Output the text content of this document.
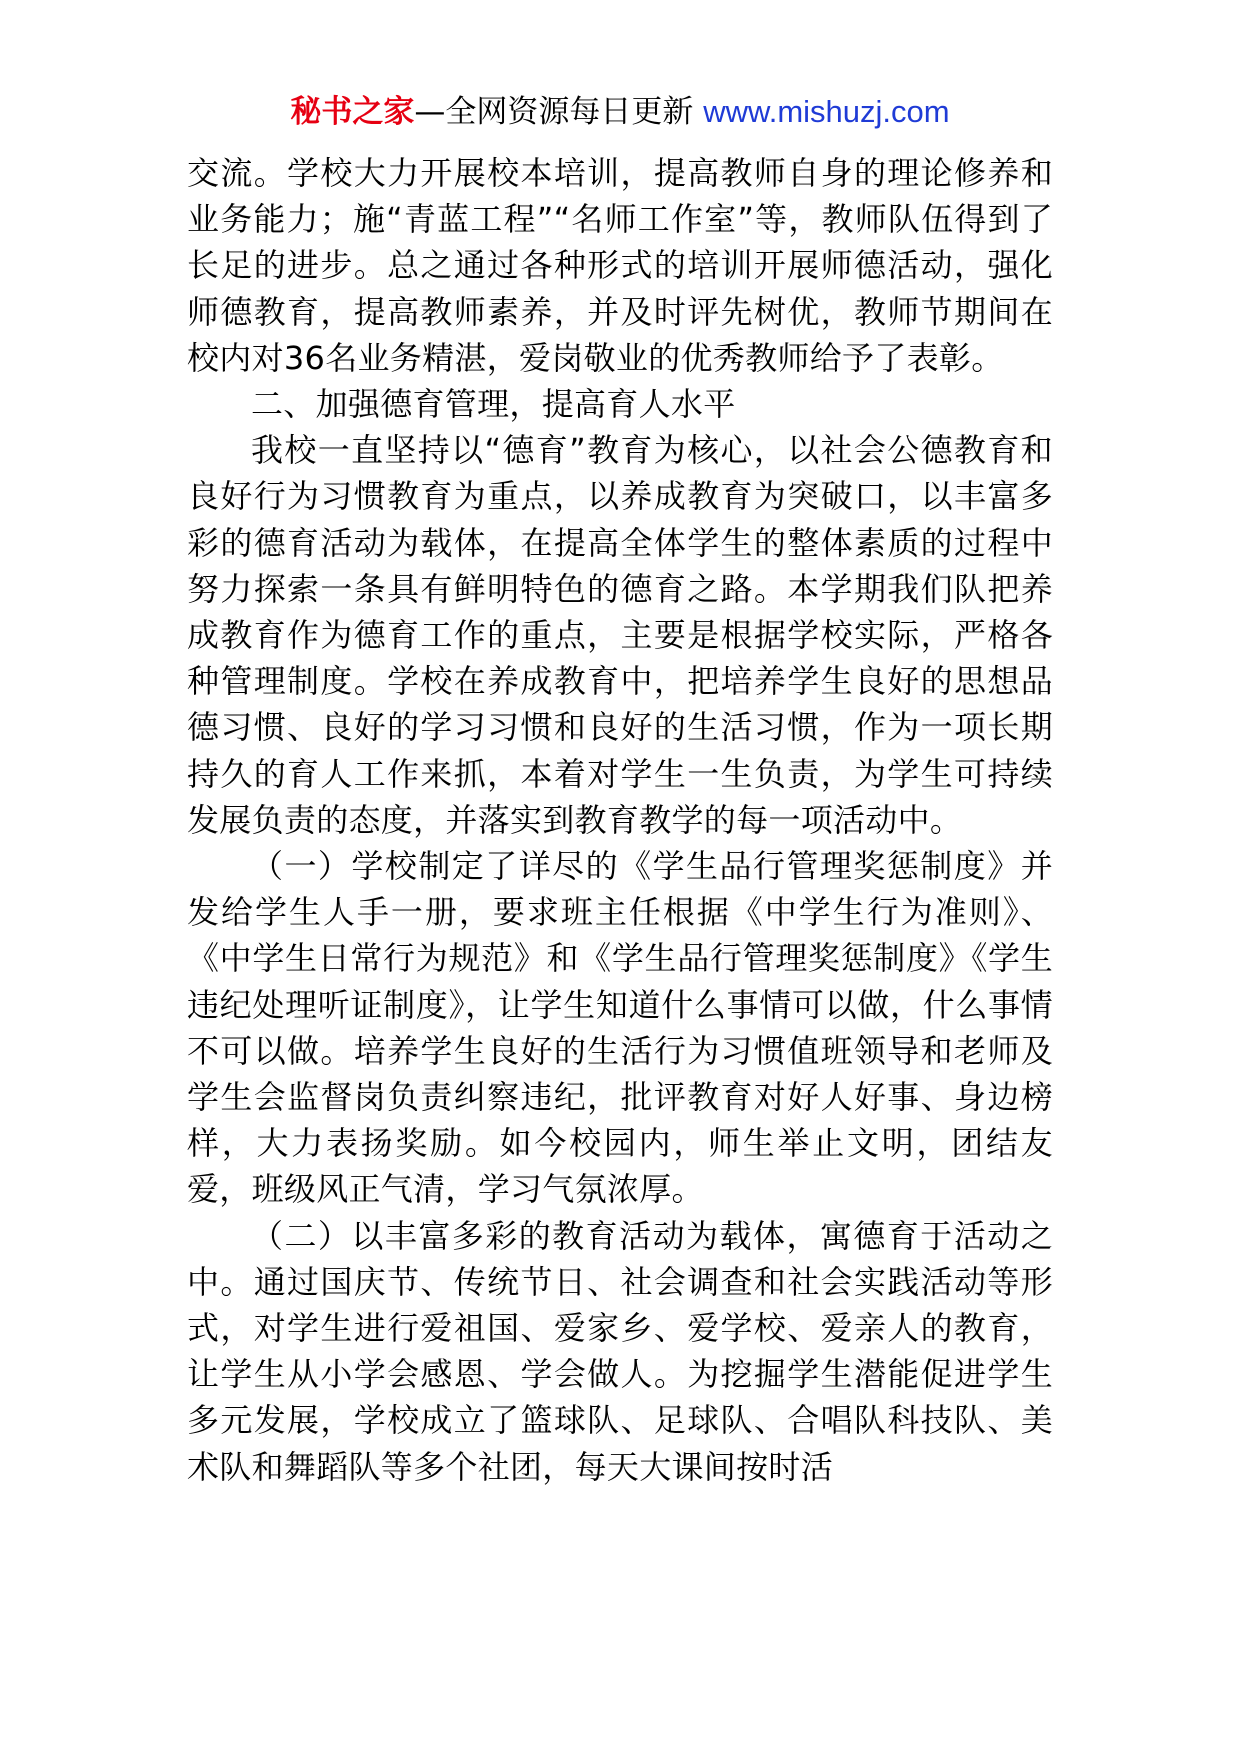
秘书之家—全网资源每日更新 www.mishuzj.com

交流。学校大力开展校本培训，提高教师自身的理论修养和业务能力；施“青蓝工程”“名师工作室”等，教师队伍得到了长足的进步。总之通过各种形式的培训开展师德活动，强化师德教育，提高教师素养，并及时评先树优，教师节期间在校内对36名业务精湛，爱岗敬业的优秀教师给予了表彰。

二、加强德育管理，提高育人水平

我校一直坚持以“德育”教育为核心，以社会公德教育和良好行为习惯教育为重点，以养成教育为突破口，以丰富多彩的德育活动为载体，在提高全体学生的整体素质的过程中努力探索一条具有鲜明特色的德育之路。本学期我们队把养成教育作为德育工作的重点，主要是根据学校实际，严格各种管理制度。学校在养成教育中，把培养学生良好的思想品德习惯、良好的学习习惯和良好的生活习惯，作为一项长期持久的育人工作来抓，本着对学生一生负责，为学生可持续发展负责的态度，并落实到教育教学的每一项活动中。

（一）学校制定了详尽的《学生品行管理奖惩制度》并发给学生人手一册，要求班主任根据《中学生行为准则》、《中学生日常行为规范》和《学生品行管理奖惩制度》《学生违纪处理听证制度》，让学生知道什么事情可以做，什么事情不可以做。培养学生良好的生活行为习惯值班领导和老师及学生会监督岗负责纠察违纪，批评教育对好人好事、身边榜样，大力表扬奖励。如今校园内，师生举止文明，团结友爱，班级风正气清，学习气氛浓厚。

（二）以丰富多彩的教育活动为载体，寓德育于活动之中。通过国庆节、传统节日、社会调查和社会实践活动等形式，对学生进行爱祖国、爱家乡、爱学校、爱亲人的教育，让学生从小学会感恩、学会做人。为挖掘学生潜能促进学生多元发展，学校成立了篮球队、足球队、合唱队科技队、美术队和舞蹈队等多个社团，每天大课间按时活
